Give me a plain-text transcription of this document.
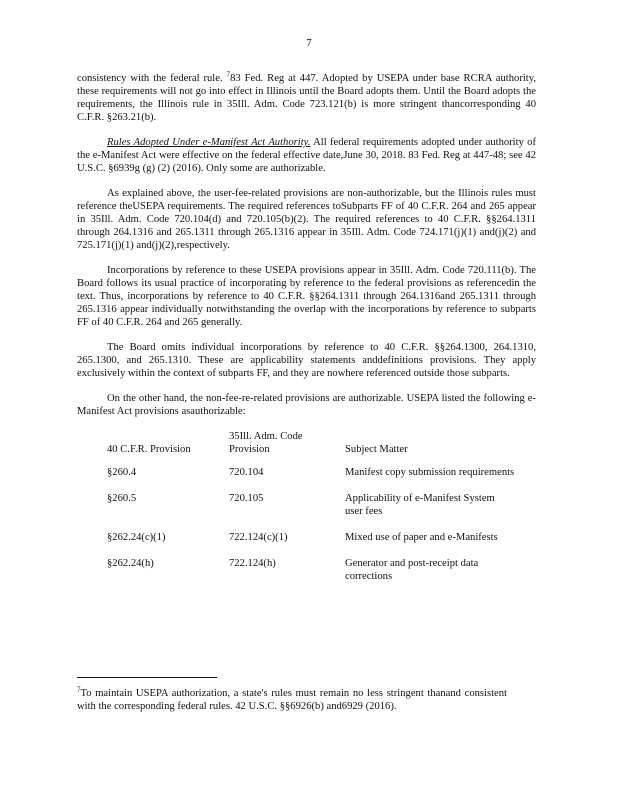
7

consistency with the federal rule. $^7$83 Fed. Reg at 447. Adopted by USEPA under base RCRA authority, these requirements will not go into effect in Illinois until the Board adopts them. Until the Board adopts the requirements, the Illinois rule in 35Ill. Adm. Code 723.121(b) is more stringent thancorresponding 40 C.F.R. §263.21(b).

Rules Adopted Under e-Manifest Act Authority. All federal requirements adopted under authority of the e-Manifest Act were effective on the federal effective date,June 30, 2018. 83 Fed. Reg at 447-48; see 42 U.S.C. §6939g (g) (2) (2016). Only some are authorizable.

As explained above, the user-fee-related provisions are non-authorizable, but the Illinois rules must reference theUSEPA requirements. The required references toSubparts FF of 40 C.F.R. 264 and 265 appear in 35Ill. Adm. Code 720.104(d) and 720.105(b)(2). The required references to 40 C.F.R. §§264.1311 through 264.1316 and 265.1311 through 265.1316 appear in 35Ill. Adm. Code 724.171(j)(1) and(j)(2) and 725.171(j)(1) and(j)(2),respectively.

Incorporations by reference to these USEPA provisions appear in 35Ill. Adm. Code 720.111(b). The Board follows its usual practice of incorporating by reference to the federal provisions as referencedin the text. Thus, incorporations by reference to 40 C.F.R. §§264.1311 through 264.1316and 265.1311 through 265.1316 appear individually notwithstanding the overlap with the incorporations by reference to subparts FF of 40 C.F.R. 264 and 265 generally.

The Board omits individual incorporations by reference to 40 C.F.R. §§264.1300, 264.1310, 265.1300, and 265.1310. These are applicability statements anddefinitions provisions. They apply exclusively within the context of subparts FF, and they are nowhere referenced outside those subparts.

On the other hand, the non-fee-re-related provisions are authorizable. USEPA listed the following e-Manifest Act provisions asauthorizable:

40 C.F.R. Provision	35Ill. Adm. Code Provision	Subject Matter
§260.4	720.104	Manifest copy submission requirements
§260.5	720.105	Applicability of e-Manifest System user fees
§262.24(c)(1)	722.124(c)(1)	Mixed use of paper and e-Manifests
§262.24(h)	722.124(h)	Generator and post-receipt data corrections
$^7$To maintain USEPA authorization, a state's rules must remain no less stringent thanand consistent with the corresponding federal rules. 42 U.S.C. §§6926(b) and6929 (2016).
